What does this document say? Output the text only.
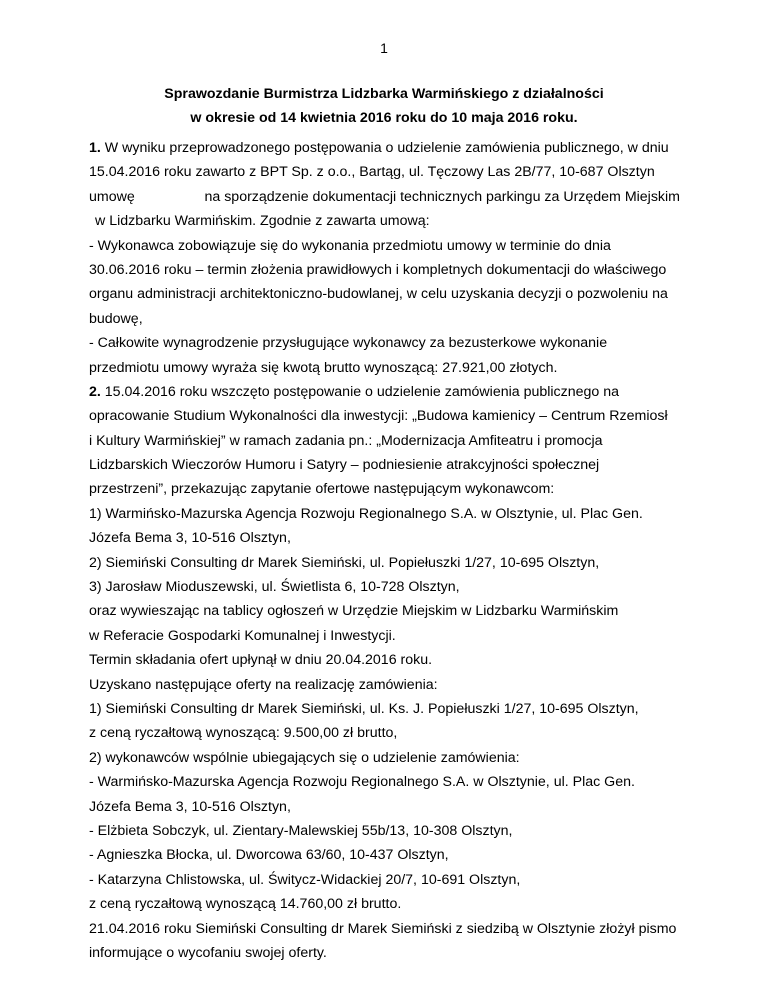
1
Sprawozdanie Burmistrza Lidzbarka Warmińskiego z działalności
w okresie od 14 kwietnia 2016 roku do 10 maja 2016 roku.
1. W wyniku przeprowadzonego postępowania o udzielenie zamówienia publicznego, w dniu
15.04.2016 roku zawarto z BPT Sp. z o.o., Bartąg, ul. Tęczowy Las 2B/77, 10-687 Olsztyn
umowę	na sporządzenie dokumentacji technicznych parkingu za Urzędem Miejskim
w Lidzbarku Warmińskim. Zgodnie z zawarta umową:
- Wykonawca zobowiązuje się do wykonania przedmiotu umowy w terminie do dnia
30.06.2016 roku – termin złożenia prawidłowych i kompletnych dokumentacji do właściwego
organu administracji architektoniczno-budowlanej, w celu uzyskania decyzji o pozwoleniu na
budowę,
- Całkowite wynagrodzenie przysługujące wykonawcy za bezusterkowe wykonanie
przedmiotu umowy wyraża się kwotą brutto wynoszącą: 27.921,00 złotych.
2. 15.04.2016 roku wszczęto postępowanie o udzielenie zamówienia publicznego na
opracowanie Studium Wykonalności dla inwestycji: „Budowa kamienicy – Centrum Rzemiosł
i Kultury Warmińskiej” w ramach zadania pn.: „Modernizacja Amfiteatru i promocja
Lidzbarskich Wieczorów Humoru i Satyry – podniesienie atrakcyjności społecznej
przestrzeni”, przekazując zapytanie ofertowe następującym wykonawcom:
1) Warmińsko-Mazurska Agencja Rozwoju Regionalnego S.A. w Olsztynie, ul. Plac Gen.
Józefa Bema 3, 10-516 Olsztyn,
2) Siemiński Consulting dr Marek Siemiński, ul. Popiełuszki 1/27, 10-695 Olsztyn,
3) Jarosław Mioduszewski, ul. Świetlista 6, 10-728 Olsztyn,
oraz wywieszając na tablicy ogłoszeń w Urzędzie Miejskim w Lidzbarku Warmińskim
w Referacie Gospodarki Komunalnej i Inwestycji.
Termin składania ofert upłynął w dniu 20.04.2016 roku.
Uzyskano następujące oferty na realizację zamówienia:
1) Siemiński Consulting dr Marek Siemiński, ul. Ks. J. Popiełuszki 1/27, 10-695 Olsztyn,
z ceną ryczałtową wynoszącą: 9.500,00 zł brutto,
2) wykonawców wspólnie ubiegających się o udzielenie zamówienia:
- Warmińsko-Mazurska Agencja Rozwoju Regionalnego S.A. w Olsztynie, ul. Plac Gen.
Józefa Bema 3, 10-516 Olsztyn,
- Elżbieta Sobczyk, ul. Zientary-Malewskiej 55b/13, 10-308 Olsztyn,
- Agnieszka Błocka, ul. Dworcowa 63/60, 10-437 Olsztyn,
- Katarzyna Chlistowska, ul. Świtycz-Widackiej 20/7, 10-691 Olsztyn,
z ceną ryczałtową wynoszącą 14.760,00 zł brutto.
21.04.2016 roku Siemiński Consulting dr Marek Siemiński z siedzibą w Olsztynie złożył pismo
informujące o wycofaniu swojej oferty.
